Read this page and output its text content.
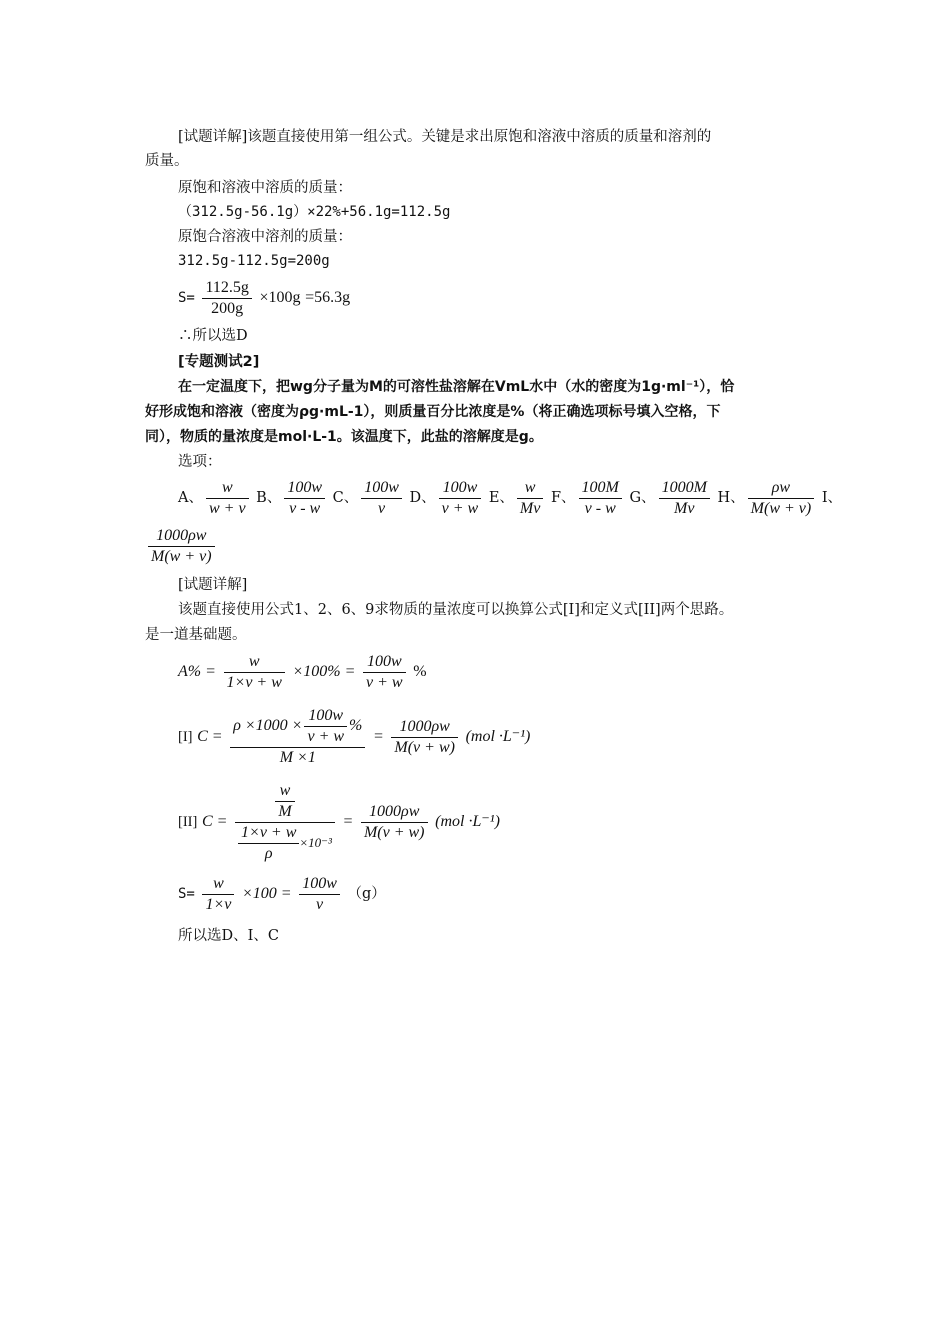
[试题详解]该题直接使用第一组公式。关键是求出原饱和溶液中溶质的质量和溶剂的
质量。
原饱和溶液中溶质的质量：
（312.5g-56.1g）×22%+56.1g=112.5g
原饱合溶液中溶剂的质量：
312.5g-112.5g=200g
$S= \frac{112.5g}{200g} \times 100g =56.3g$
∴所以选D
[专题测试2]
在一定温度下，把wg分子量为M的可溶性盐溶解在VmL水中（水的密度为1g·ml⁻¹），恰
好形成饱和溶液（密度为ρg·mL-1），则质量百分比浓度是%（将正确选项标号填入空格，下
同），物质的量浓度是mol·L-1。该温度下，此盐的溶解度是g。
选项：
A、 $\frac{w}{w + v}$ B、 $\frac{100w}{v - w}$ C、 $\frac{100w}{v}$ D、 $\frac{100w}{v + w}$ E、 $\frac{w}{Mv}$ F、 $\frac{100M}{v - w}$ G、 $\frac{1000M}{Mv}$ H、 $\frac{\rho w}{M(w + v)}$ I、
$\frac{1000\rho w}{M(w + v)}$
[试题详解]
该题直接使用公式1、2、6、9求物质的量浓度可以换算公式[I]和定义式[II]两个思路。
是一道基础题。
$A\% = \frac{w}{1\times v + w} \times 100\% = \frac{100w}{v + w}$ %
[I] $C = \frac{\rho \times 1000 \times \frac{100w}{v + w} \%}{M \times 1} = \frac{1000\rho w}{M(v + w)} (mol \cdot L^{-1})$
[II] $C = \frac{\frac{w}{M}}{\frac{1\times v + w}{\rho} \times 10^{-3}} = \frac{1000\rho w}{M(v + w)} (mol \cdot L^{-1})$
$S= \frac{w}{1\times v} \times 100 = \frac{100w}{v} (g)$
所以选D、I、C
